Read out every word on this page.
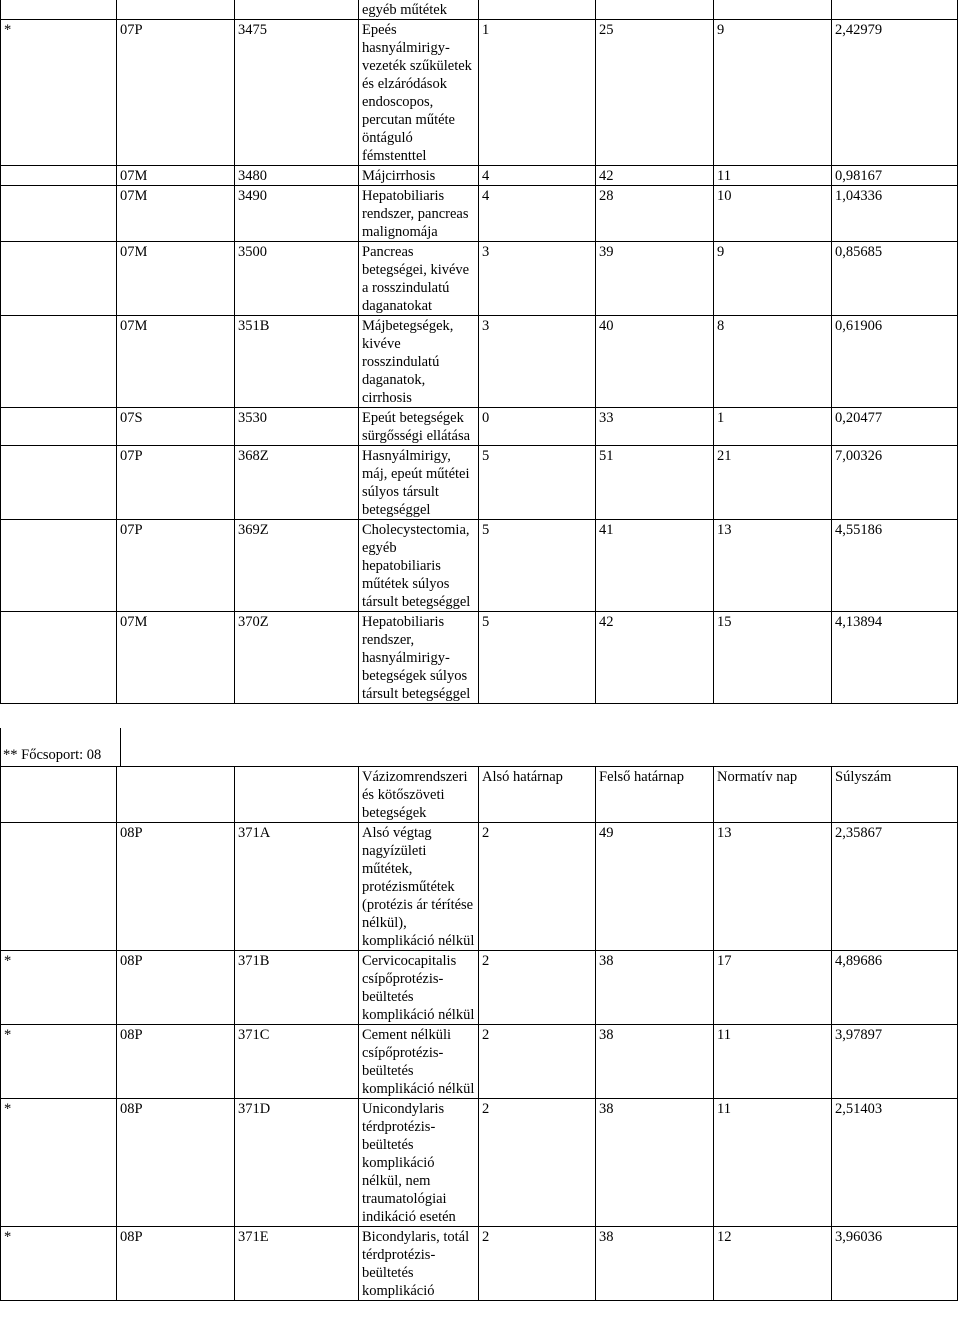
			egyéb műtétek				
*	07P	3475	Epeés hasnyálmirigy-vezeték szűkületek és elzáródások endoscopos, percutan műtéte öntáguló fémstenttel	1	25	9	2,42979
	07M	3480	Májcirrhosis	4	42	11	0,98167
	07M	3490	Hepatobiliaris rendszer, pancreas malignomája	4	28	10	1,04336
	07M	3500	Pancreas betegségei, kivéve a rosszindulatú daganatokat	3	39	9	0,85685
	07M	351B	Májbetegségek, kivéve rosszindulatú daganatok, cirrhosis	3	40	8	0,61906
	07S	3530	Epeút betegségek sürgősségi ellátása	0	33	1	0,20477
	07P	368Z	Hasnyálmirigy, máj, epeút műtétei súlyos társult betegséggel	5	51	21	7,00326
	07P	369Z	Cholecystectomia, egyéb hepatobiliaris műtétek súlyos társult betegséggel	5	41	13	4,55186
	07M	370Z	Hepatobiliaris rendszer, hasnyálmirigy-betegségek súlyos társult betegséggel	5	42	15	4,13894
** Főcsoport: 08
			Vázizomrendszeri és kötőszöveti betegségek	Alsó határnap	Felső határnap	Normatív nap	Súlyszám
	08P	371A	Alsó végtag nagyízületi műtétek, protézisműtétek (protézis ár térítése nélkül), komplikáció nélkül	2	49	13	2,35867
*	08P	371B	Cervicocapitalis csípőprotézis-beültetés komplikáció nélkül	2	38	17	4,89686
*	08P	371C	Cement nélküli csípőprotézis-beültetés komplikáció nélkül	2	38	11	3,97897
*	08P	371D	Unicondylaris térdprotézis-beültetés komplikáció nélkül, nem traumatológiai indikáció esetén	2	38	11	2,51403
*	08P	371E	Bicondylaris, totál térdprotézis-beültetés komplikáció	2	38	12	3,96036
